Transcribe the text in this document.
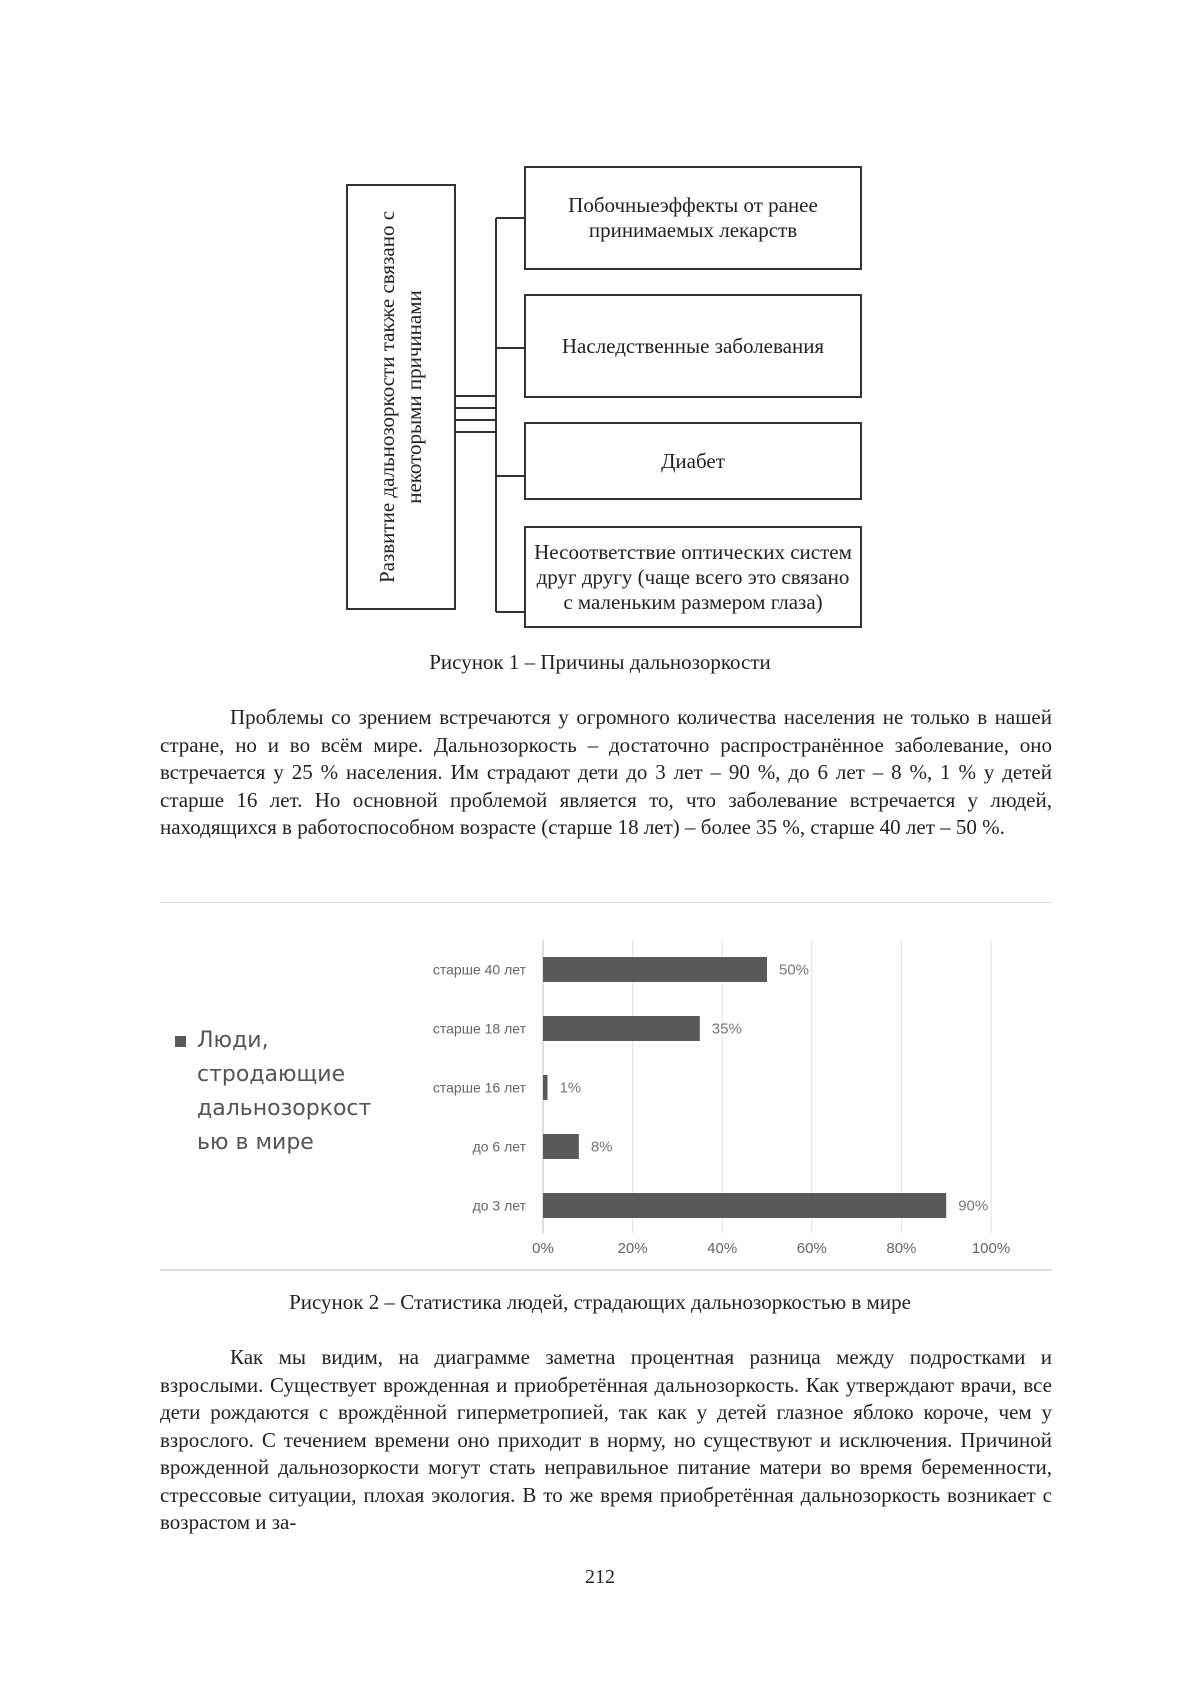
Развитие дальнозоркости также связано с некоторыми причинами
Побочныеэффекты от ранее принимаемых лекарств
Наследственные заболевания
Диабет
Несоответствие оптических систем друг другу (чаще всего это связано с маленьким размером глаза)
Рисунок 1 – Причины дальнозоркости

Проблемы со зрением встречаются у огромного количества населения не только в нашей стране, но и во всём мире. Дальнозоркость – достаточно распространённое заболевание, оно встречается у 25 % населения. Им страдают дети до 3 лет – 90 %, до 6 лет – 8 %, 1 % у детей старше 16 лет. Но основной проблемой является то, что заболевание встречается у людей, находящихся в работоспособном возрасте (старше 18 лет) – более 35 %, старше 40 лет – 50 %.

Люди,
стродающие
дальнозоркост
ью в мире
0%	20%	40%	60%	80%	100%
старше 40 лет	50%
старше 18 лет	35%
старше 16 лет 1%
до 6 лет	8%
до 3 лет	90%
Рисунок 2 – Статистика людей, страдающих дальнозоркостью в мире

Как мы видим, на диаграмме заметна процентная разница между подростками и взрослыми. Существует врожденная и приобретённая дальнозоркость. Как утверждают врачи, все дети рождаются с врождённой гиперметропией, так как у детей глазное яблоко короче, чем у взрослого. С течением времени оно приходит в норму, но существуют и исключения. Причиной врожденной дальнозоркости могут стать неправильное питание матери во время беременности, стрессовые ситуации, плохая экология. В то же время приобретённая дальнозоркость возникает с возрастом и за-

212
